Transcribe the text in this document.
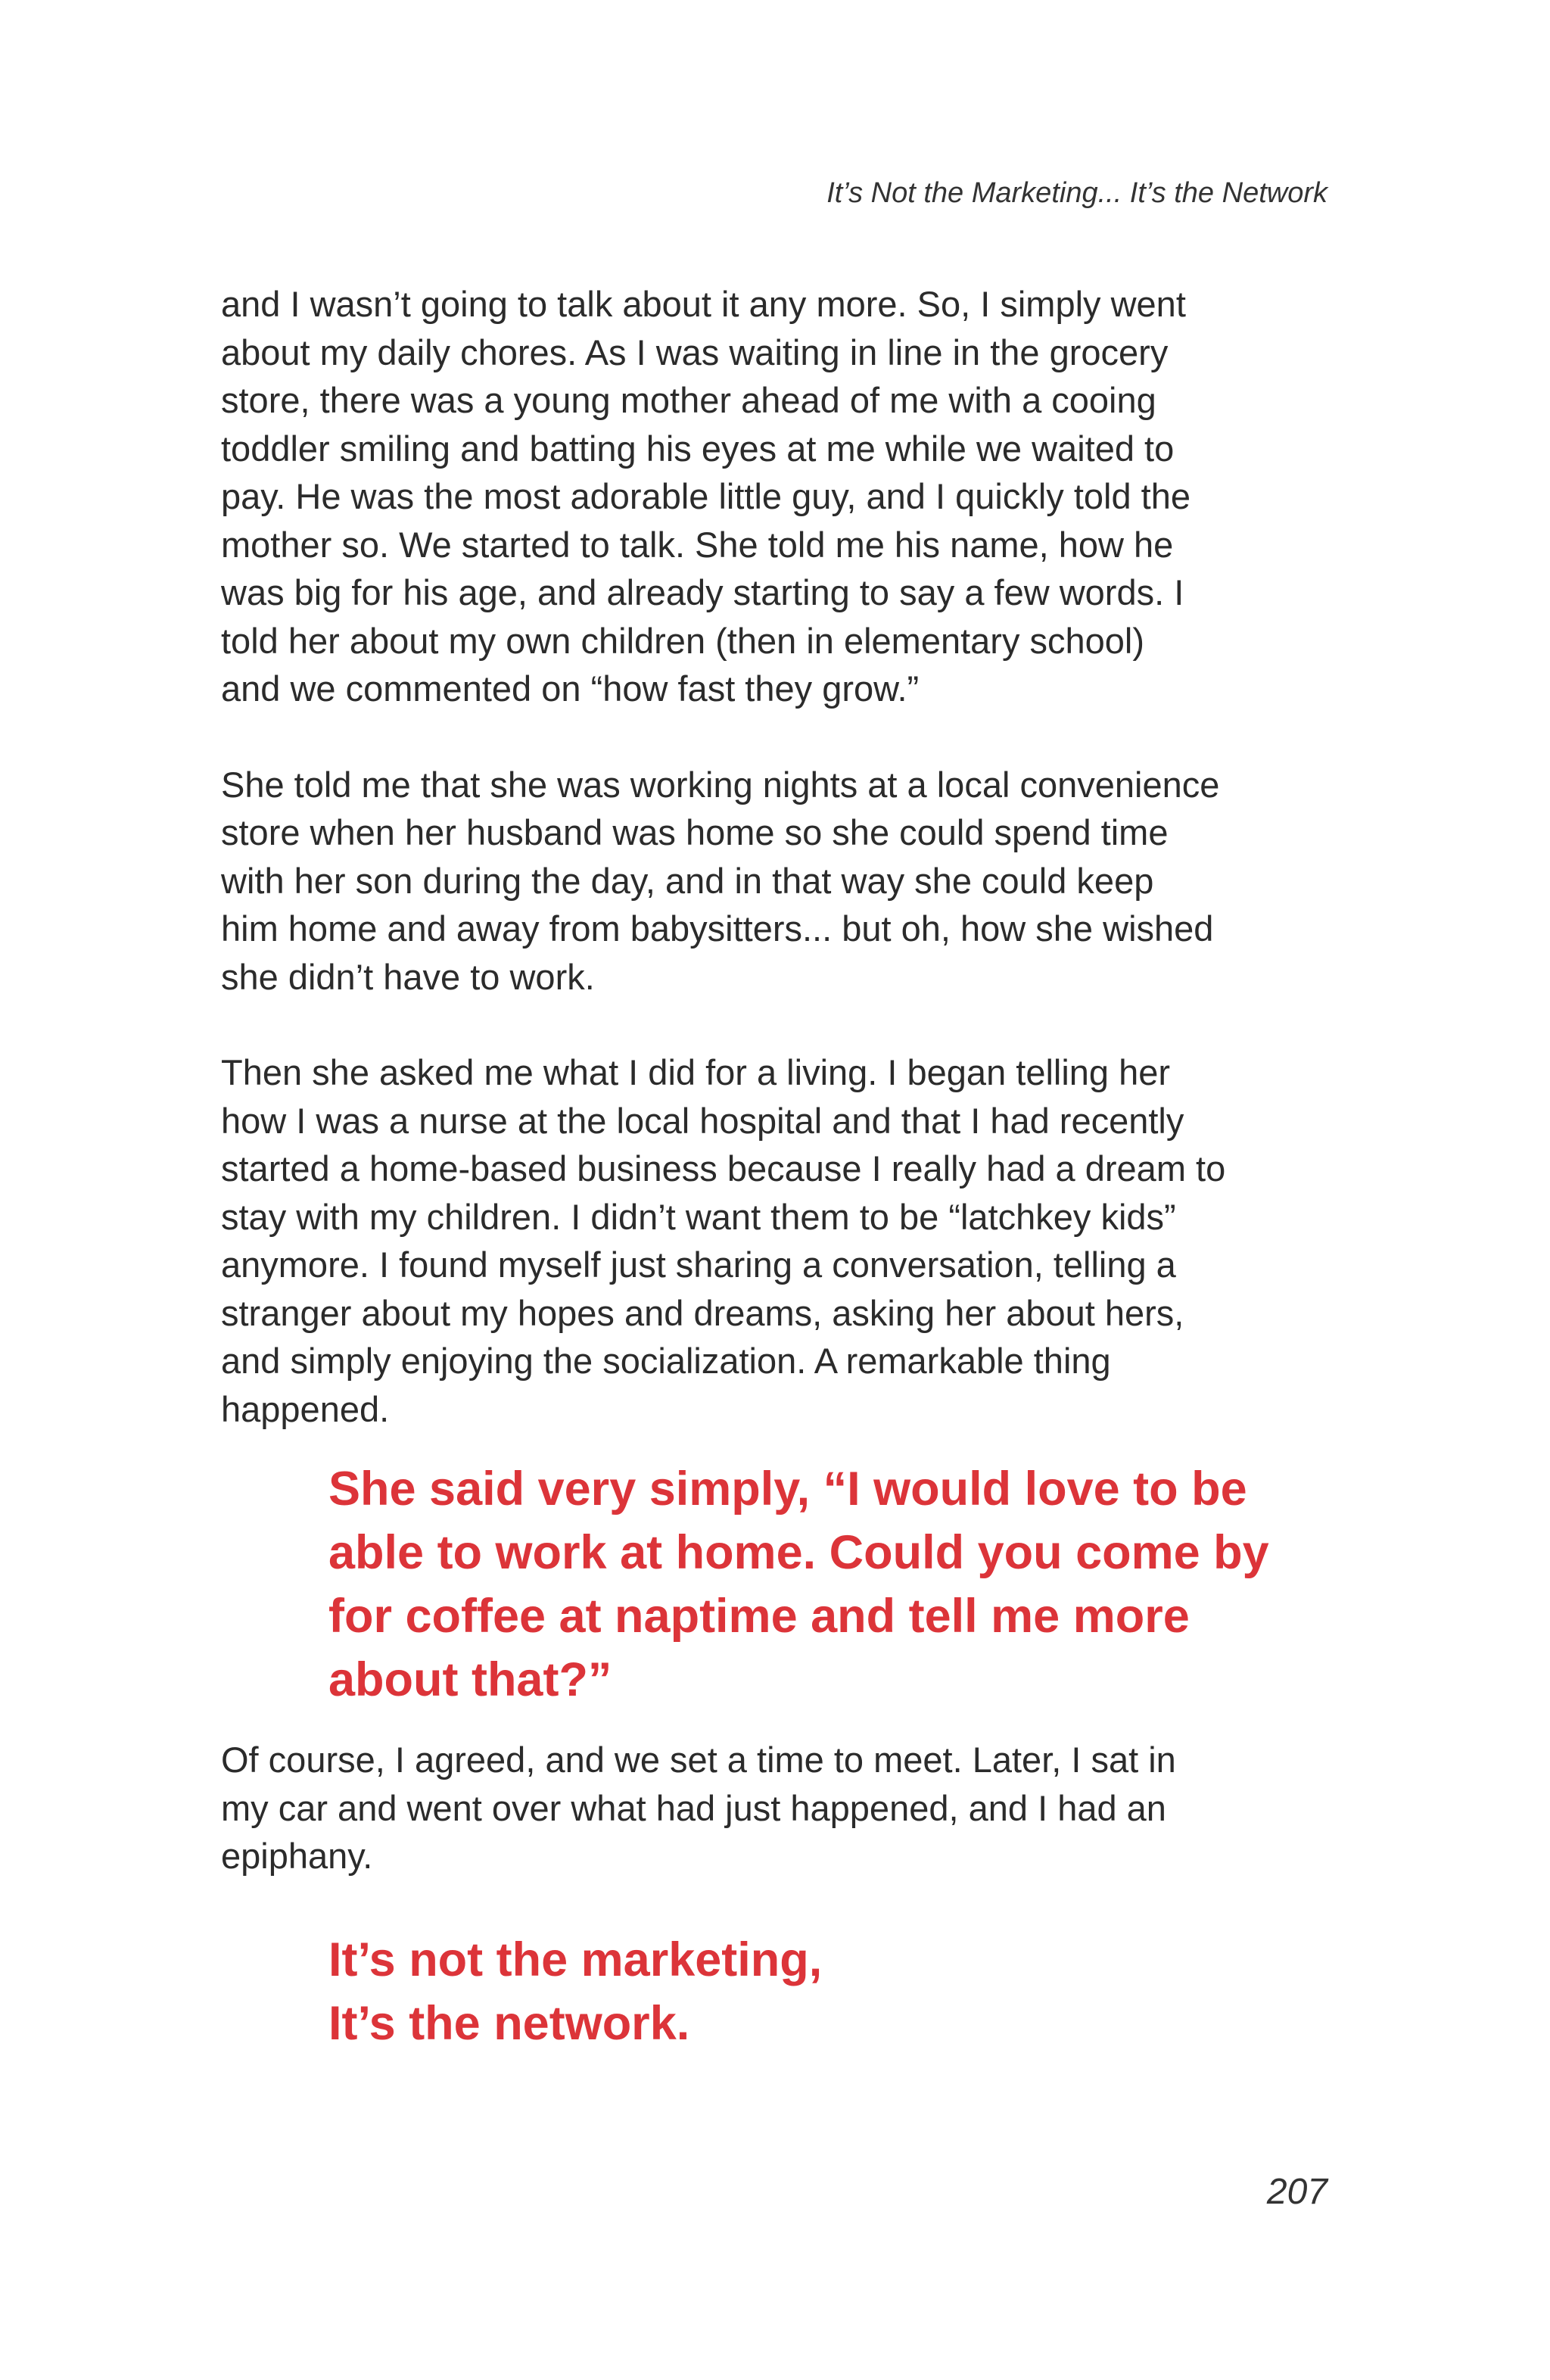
It’s Not the Marketing... It’s the Network

and I wasn’t going to talk about it any more. So, I simply went
about my daily chores. As I was waiting in line in the grocery
store, there was a young mother ahead of me with a cooing
toddler smiling and batting his eyes at me while we waited to
pay. He was the most adorable little guy, and I quickly told the
mother so. We started to talk. She told me his name, how he
was big for his age, and already starting to say a few words. I
told her about my own children (then in elementary school)
and we commented on “how fast they grow.”

She told me that she was working nights at a local convenience
store when her husband was home so she could spend time
with her son during the day, and in that way she could keep
him home and away from babysitters... but oh, how she wished
she didn’t have to work.

Then she asked me what I did for a living. I began telling her
how I was a nurse at the local hospital and that I had recently
started a home-based business because I really had a dream to
stay with my children. I didn’t want them to be “latchkey kids”
anymore. I found myself just sharing a conversation, telling a
stranger about my hopes and dreams, asking her about hers,
and simply enjoying the socialization. A remarkable thing
happened.

She said very simply, “I would love to be
able to work at home. Could you come by
for coffee at naptime and tell me more
about that?”

Of course, I agreed, and we set a time to meet. Later, I sat in
my car and went over what had just happened, and I had an
epiphany.

It’s not the marketing,
It’s the network.

207
